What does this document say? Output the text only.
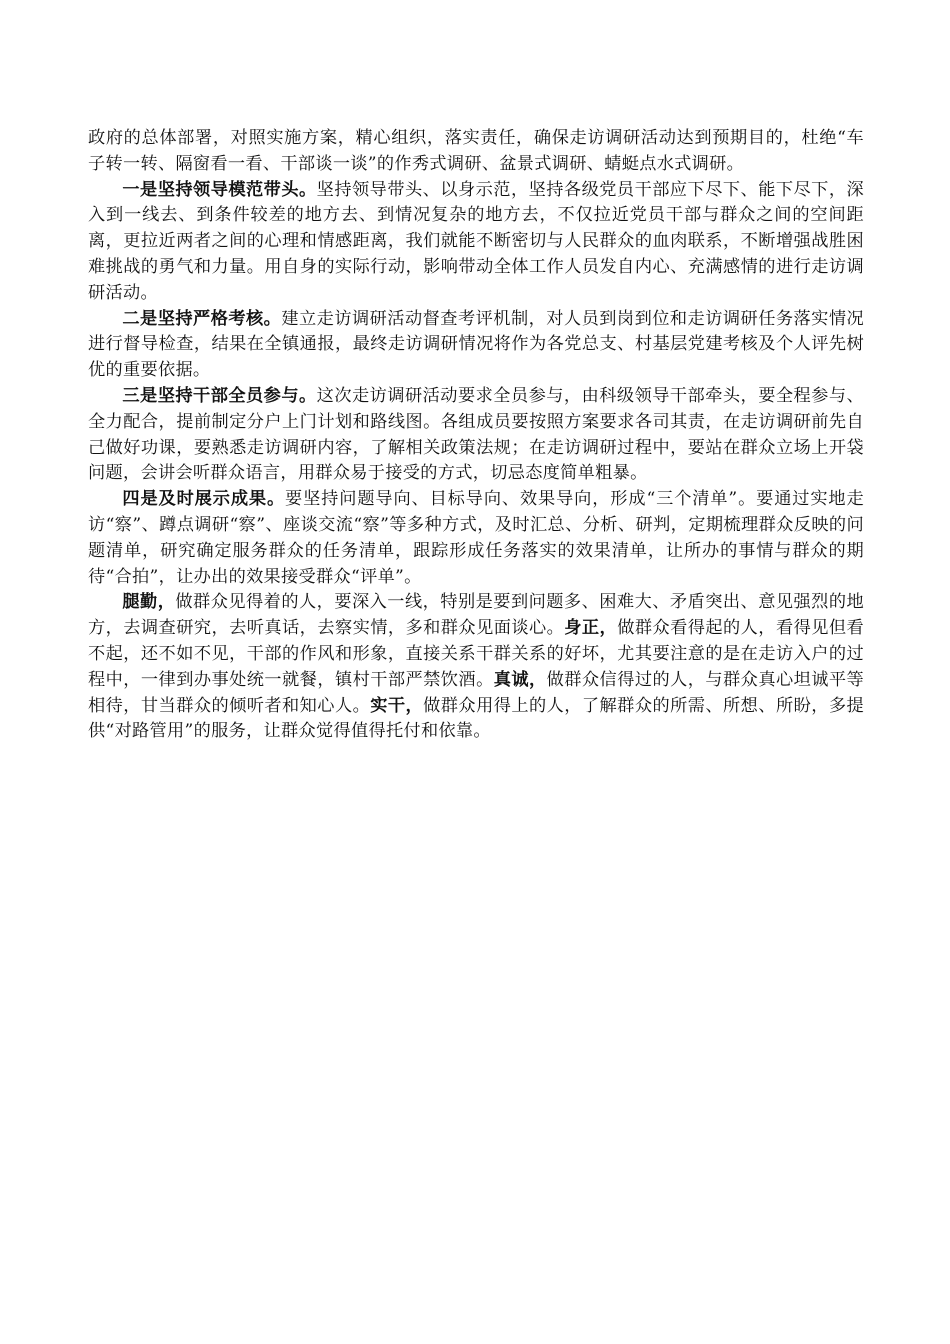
政府的总体部署，对照实施方案，精心组织，落实责任，确保走访调研活动达到预期目的，杜绝“车子转一转、隔窗看一看、干部谈一谈”的作秀式调研、盆景式调研、蜻蜓点水式调研。

一是坚持领导模范带头。坚持领导带头、以身示范，坚持各级党员干部应下尽下、能下尽下，深入到一线去、到条件较差的地方去、到情况复杂的地方去，不仅拉近党员干部与群众之间的空间距离，更拉近两者之间的心理和情感距离，我们就能不断密切与人民群众的血肉联系，不断增强战胜困难挑战的勇气和力量。用自身的实际行动，影响带动全体工作人员发自内心、充满感情的进行走访调研活动。

二是坚持严格考核。建立走访调研活动督查考评机制，对人员到岗到位和走访调研任务落实情况进行督导检查，结果在全镇通报，最终走访调研情况将作为各党总支、村基层党建考核及个人评先树优的重要依据。

三是坚持干部全员参与。这次走访调研活动要求全员参与，由科级领导干部牵头，要全程参与、全力配合，提前制定分户上门计划和路线图。各组成员要按照方案要求各司其责，在走访调研前先自己做好功课，要熟悉走访调研内容，了解相关政策法规；在走访调研过程中，要站在群众立场上开袋问题，会讲会听群众语言，用群众易于接受的方式，切忌态度简单粗暴。

四是及时展示成果。要坚持问题导向、目标导向、效果导向，形成“三个清单”。要通过实地走访“察”、蹲点调研“察”、座谈交流“察”等多种方式，及时汇总、分析、研判，定期梳理群众反映的问题清单，研究确定服务群众的任务清单，跟踪形成任务落实的效果清单，让所办的事情与群众的期待“合拍”，让办出的效果接受群众“评单”。

腿勤，做群众见得着的人，要深入一线，特别是要到问题多、困难大、矛盾突出、意见强烈的地方，去调查研究，去听真话，去察实情，多和群众见面谈心。身正，做群众看得起的人，看得见但看不起，还不如不见，干部的作风和形象，直接关系干群关系的好坏，尤其要注意的是在走访入户的过程中，一律到办事处统一就餐，镇村干部严禁饮酒。真诚，做群众信得过的人，与群众真心坦诚平等相待，甘当群众的倾听者和知心人。实干，做群众用得上的人，了解群众的所需、所想、所盼，多提供“对路管用”的服务，让群众觉得值得托付和依靠。
